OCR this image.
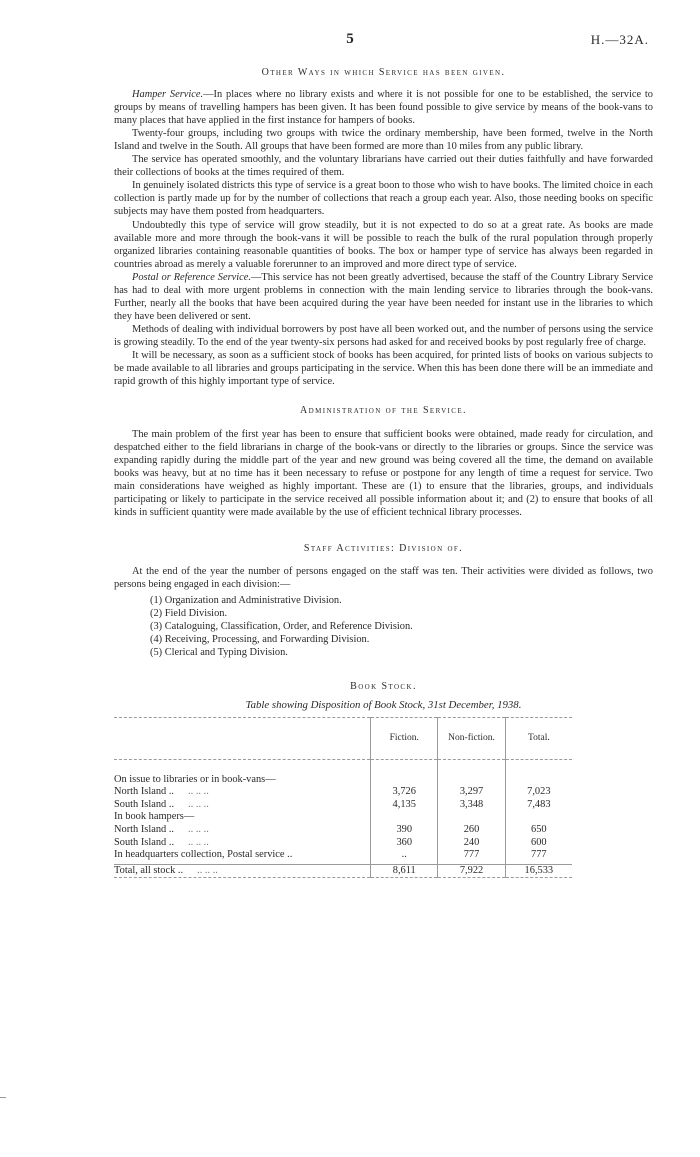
5	H.—32A.
Other Ways in which Service has been given.

Hamper Service.—In places where no library exists and where it is not possible for one to be established, the service to groups by means of travelling hampers has been given. It has been found possible to give service by means of the book-vans to many places that have applied in the first instance for hampers of books.

Twenty-four groups, including two groups with twice the ordinary membership, have been formed, twelve in the North Island and twelve in the South. All groups that have been formed are more than 10 miles from any public library.

The service has operated smoothly, and the voluntary librarians have carried out their duties faithfully and have forwarded their collections of books at the times required of them.

In genuinely isolated districts this type of service is a great boon to those who wish to have books. The limited choice in each collection is partly made up for by the number of collections that reach a group each year. Also, those needing books on specific subjects may have them posted from headquarters.

Undoubtedly this type of service will grow steadily, but it is not expected to do so at a great rate. As books are made available more and more through the book-vans it will be possible to reach the bulk of the rural population through properly organized libraries containing reasonable quantities of books. The box or hamper type of service has always been regarded in countries abroad as merely a valuable forerunner to an improved and more direct type of service.

Postal or Reference Service.—This service has not been greatly advertised, because the staff of the Country Library Service has had to deal with more urgent problems in connection with the main lending service to libraries through the book-vans. Further, nearly all the books that have been acquired during the year have been needed for instant use in the libraries to which they have been delivered or sent.

Methods of dealing with individual borrowers by post have all been worked out, and the number of persons using the service is growing steadily. To the end of the year twenty-six persons had asked for and received books by post regularly free of charge.

It will be necessary, as soon as a sufficient stock of books has been acquired, for printed lists of books on various subjects to be made available to all libraries and groups participating in the service. When this has been done there will be an immediate and rapid growth of this highly important type of service.

Administration of the Service.

The main problem of the first year has been to ensure that sufficient books were obtained, made ready for circulation, and despatched either to the field librarians in charge of the book-vans or directly to the libraries or groups. Since the service was expanding rapidly during the middle part of the year and new ground was being covered all the time, the demand on available books was heavy, but at no time has it been necessary to refuse or postpone for any length of time a request for service. Two main considerations have weighed as highly important. These are (1) to ensure that the libraries, groups, and individuals participating or likely to participate in the service received all possible information about it; and (2) to ensure that books of all kinds in sufficient quantity were made available by the use of efficient technical library processes.

Staff Activities: Division of.

At the end of the year the number of persons engaged on the staff was ten. Their activities were divided as follows, two persons being engaged in each division:—

(1) Organization and Administrative Division.
(2) Field Division.
(3) Cataloguing, Classification, Order, and Reference Division.
(4) Receiving, Processing, and Forwarding Division.
(5) Clerical and Typing Division.
Book Stock.
Table showing Disposition of Book Stock, 31st December, 1938.
	Fiction.	Non-fiction.	Total.

On issue to libraries or in book-vans—			
North Island .. .. .. ..	3,726	3,297	7,023
South Island .. .. .. ..	4,135	3,348	7,483
In book hampers—			
North Island .. .. .. ..	390	260	650
South Island .. .. .. ..	360	240	600
In headquarters collection, Postal service ..	..	777	777

Total, all stock .. .. .. ..	8,611	7,922	16,533
